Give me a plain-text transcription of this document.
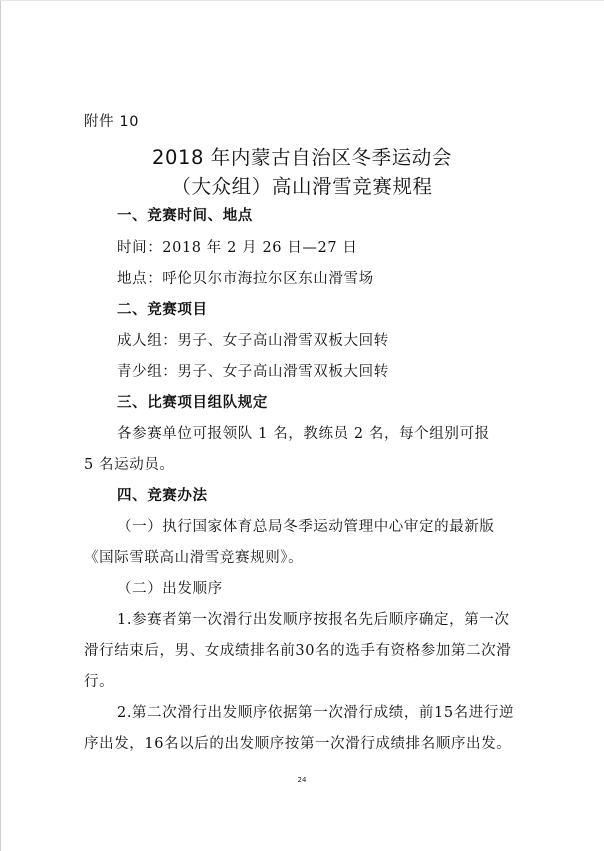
附件 10
2018 年内蒙古自治区冬季运动会
（大众组）高山滑雪竞赛规程
一、竞赛时间、地点
时间：2018 年 2 月 26 日—27 日
地点：呼伦贝尔市海拉尔区东山滑雪场
二、竞赛项目
成人组：男子、女子高山滑雪双板大回转
青少组：男子、女子高山滑雪双板大回转
三、比赛项目组队规定
各参赛单位可报领队 1 名，教练员 2 名，每个组别可报
5 名运动员。
四、竞赛办法
（一）执行国家体育总局冬季运动管理中心审定的最新版
《国际雪联高山滑雪竞赛规则》。
（二）出发顺序
1.参赛者第一次滑行出发顺序按报名先后顺序确定，第一次
滑行结束后，男、女成绩排名前30名的选手有资格参加第二次滑
行。
2.第二次滑行出发顺序依据第一次滑行成绩，前15名进行逆
序出发，16名以后的出发顺序按第一次滑行成绩排名顺序出发。
24
